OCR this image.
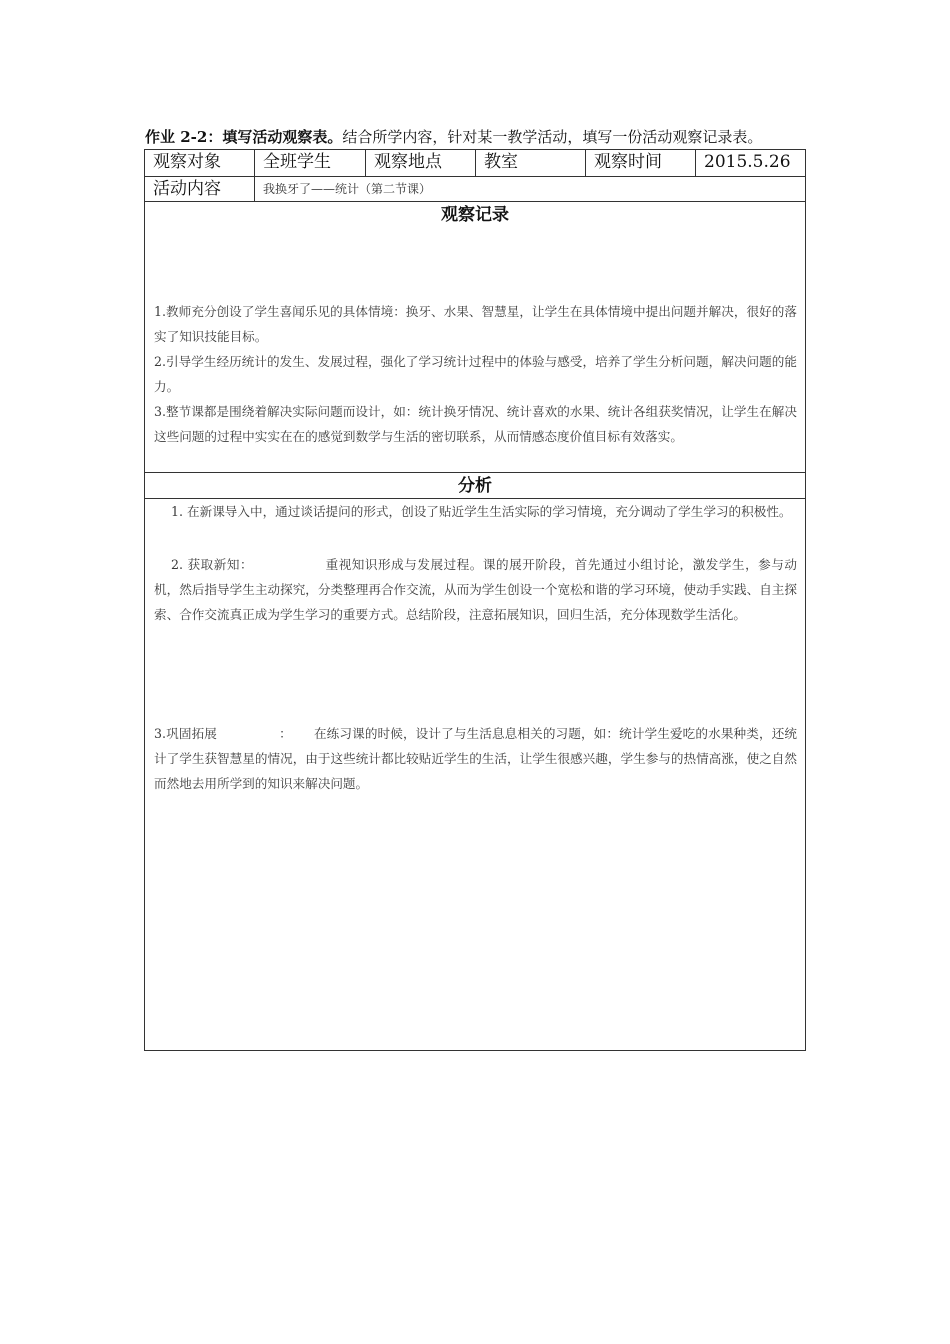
作业 2-2：填写活动观察表。结合所学内容，针对某一教学活动，填写一份活动观察记录表。
观察对象	全班学生	观察地点	教室	观察时间	2015.5.26
活动内容	我换牙了——统计（第二节课）
观察记录
1.教师充分创设了学生喜闻乐见的具体情境：换牙、水果、智慧星，让学生在具体情境中提出问题并解决，很好的落实了知识技能目标。
2.引导学生经历统计的发生、发展过程，强化了学习统计过程中的体验与感受，培养了学生分析问题，解决问题的能力。
3.整节课都是围绕着解决实际问题而设计，如：统计换牙情况、统计喜欢的水果、统计各组获奖情况，让学生在解决这些问题的过程中实实在在的感觉到数学与生活的密切联系，从而情感态度价值目标有效落实。
分析
1. 在新课导入中，通过谈话提问的形式，创设了贴近学生生活实际的学习情境，充分调动了学生学习的积极性。
2. 获取新知：	重视知识形成与发展过程。课的展开阶段，首先通过小组讨论，激发学生，参与动机，然后指导学生主动探究，分类整理再合作交流，从而为学生创设一个宽松和谐的学习环境，使动手实践、自主探索、合作交流真正成为学生学习的重要方式。总结阶段，注意拓展知识，回归生活，充分体现数学生活化。
3.巩固拓展	： 在练习课的时候，设计了与生活息息相关的习题，如：统计学生爱吃的水果种类，还统计了学生获智慧星的情况，由于这些统计都比较贴近学生的生活，让学生很感兴趣，学生参与的热情高涨，使之自然而然地去用所学到的知识来解决问题。
